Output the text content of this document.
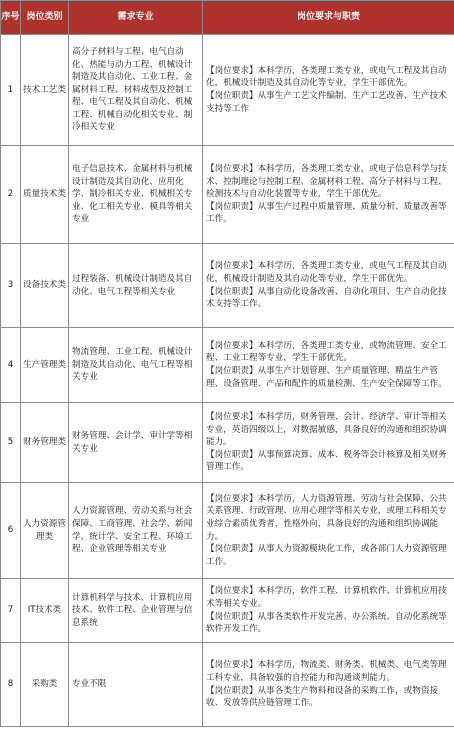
序号	岗位类别	需求专业	岗位要求与职责
1	技术工艺类	高分子材料与工程、电气自动化、热能与动力工程、机械设计制造及其自动化、工业工程、金属材料工程、材料成型及控制工程、电气工程及其自动化、机械工程、机械自动化相关专业、制冷相关专业	【岗位要求】本科学历，各类理工类专业，或电气工程及其自动化，机械设计制造及其自动化等专业，学生干部优先。
【岗位职责】从事生产工艺文件编制、生产工艺改善、生产技术支持等工作

2	质量技术类	电子信息技术、金属材料与机械设计制造及其自动化、应用化学、制冷相关专业、机械相关专业、化工相关专业、模具等相关专业	【岗位要求】本科学历，各类理工类专业，或电子信息科学与技术、控制理论与控制工程、金属材料工程、高分子材料与工程、检测技术与自动化装置等专业，学生干部优先。
【岗位职责】从事生产过程中质量管理、质量分析、质量改善等工作。

3	设备技术类	过程装备、机械设计制造及其自动化、电气工程等相关专业	【岗位要求】本科学历，各类理工类专业，或电气工程及其自动化，机械设计制造及其自动化等专业，学生干部优先。
【岗位职责】从事自动化设备改善、自动化项目、生产自动化技术支持等工作。

4	生产管理类	物流管理、工业工程、机械设计制造及其自动化、电气工程等相关专业	【岗位要求】本科学历，各类理工类专业，或物流管理、安全工程、工业工程等专业，学生干部优先。
【岗位职责】从事生产计划管理、生产质量管理、精益生产管理、设备管理、产品和配件的质量检测、生产安全保障等工作。

5	财务管理类	财务管理、会计学、审计学等相关专业	【岗位要求】本科学历，财务管理、会计、经济学、审计等相关专业，英语四级以上，对数据敏感，具备良好的沟通和组织协调能力。
【岗位职责】从事预算决算、成本、税务等会计核算及相关财务管理工作。

6	人力资源管理类	人力资源管理、劳动关系与社会保障、工商管理、社会学、新闻学、统计学、安全工程、环境工程、企业管理等相关专业	【岗位要求】本科学历，人力资源管理、劳动与社会保障、公共关系管理、行政管理、应用心理学等相关专业，或理工科相关专业综合素质优秀者，性格外向，具备良好的沟通和组织协调能力。
【岗位职责】从事人力资源模块化工作，或各部门人力资源管理工作。

7	IT技术类	计算机科学与技术、计算机应用技术、软件工程、企业管理与信息系统	【岗位要求】本科学历，软件工程、计算机软件、计算机应用技术等相关专业。
【岗位职责】从事各类软件开发完善、办公系统、自动化系统等软件开发工作。

8	采购类	专业不限	【岗位要求】本科学历，物流类、财务类、机械类、电气类等理工科专业，具备较强的自控能力和沟通谈判能力。
【岗位职责】从事各类生产物料和设备的采购工作，或物资接收、发放等供应链管理工作。
